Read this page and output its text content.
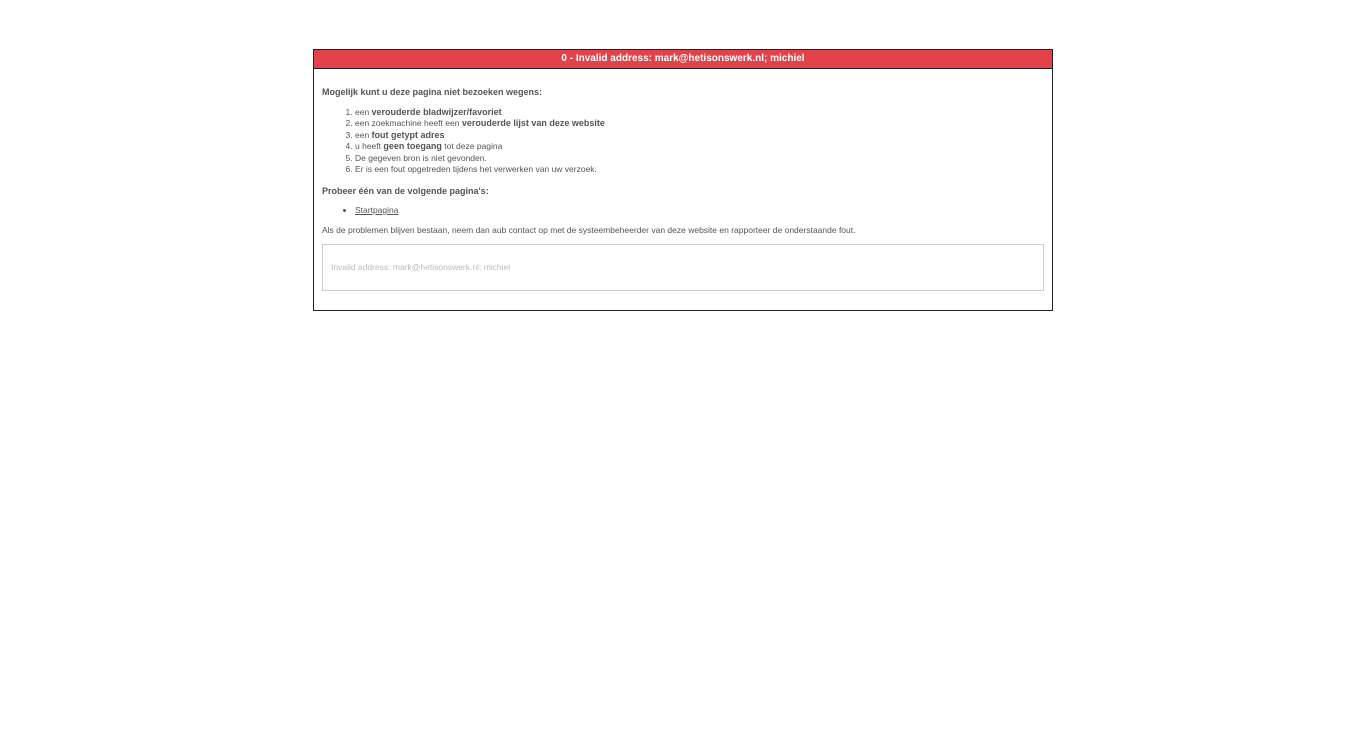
0 - Invalid address: mark@hetisonswerk.nl; michiel
Mogelijk kunt u deze pagina niet bezoeken wegens:
1. een verouderde bladwijzer/favoriet
2. een zoekmachine heeft een verouderde lijst van deze website
3. een fout getypt adres
4. u heeft geen toegang tot deze pagina
5. De gegeven bron is niet gevonden.
6. Er is een fout opgetreden tijdens het verwerken van uw verzoek.
Probeer één van de volgende pagina's:
• Startpagina
Als de problemen blijven bestaan, neem dan aub contact op met de systeembeheerder van deze website en rapporteer de onderstaande fout.
Invalid address: mark@hetisonswerk.nl; michiel
